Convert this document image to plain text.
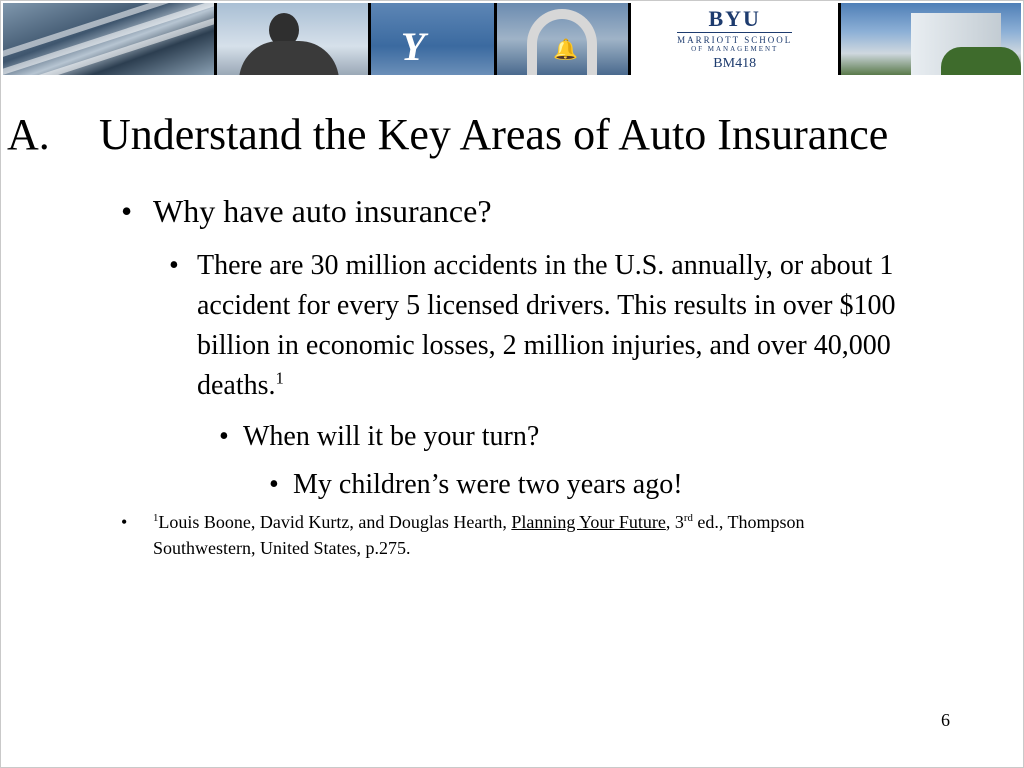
Y	🔔
BYU
MARRIOTT SCHOOL
OF MANAGEMENT
BM418
A. Understand the Key Areas of Auto Insurance
• Why have auto insurance?
• There are 30 million accidents in the U.S. annually, or about 1 accident for every 5 licensed drivers. This results in over $100 billion in economic losses, 2 million injuries, and over 40,000 deaths.$^1$
• When will it be your turn?
• My children’s were two years ago!
•	$^1$Louis Boone, David Kurtz, and Douglas Hearth, Planning Your Future, 3rd ed., Thompson Southwestern, United States, p.275.
6
